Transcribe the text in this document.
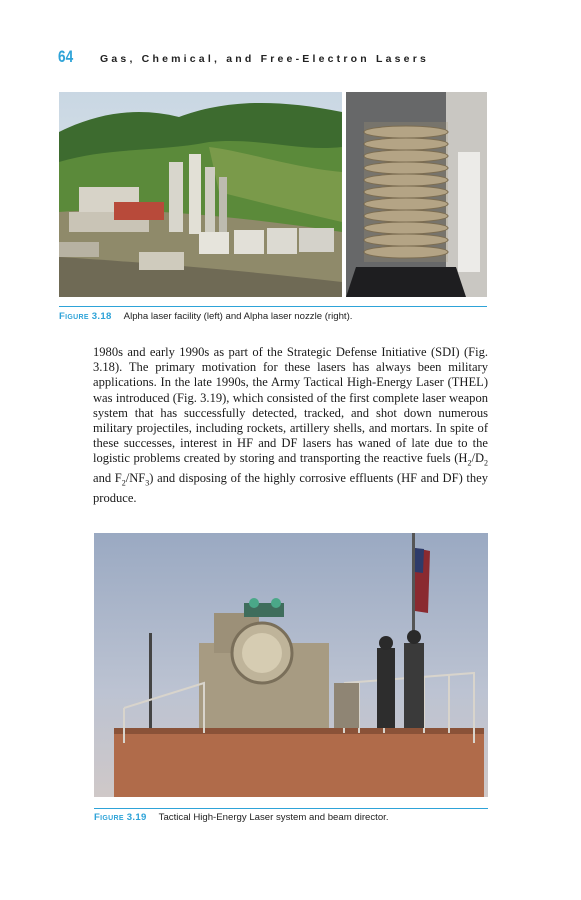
64	Gas, Chemical, and Free-Electron Lasers
Figure 3.18 Alpha laser facility (left) and Alpha laser nozzle (right).

1980s and early 1990s as part of the Strategic Defense Initiative (SDI) (Fig. 3.18). The primary motivation for these lasers has always been military applications. In the late 1990s, the Army Tactical High-Energy Laser (THEL) was introduced (Fig. 3.19), which consisted of the first complete laser weapon system that has successfully detected, tracked, and shot down numerous military projectiles, including rockets, artillery shells, and mortars. In spite of these successes, interest in HF and DF lasers has waned of late due to the logistic problems created by storing and transporting the reactive fuels ($H_2/D_2$ and $F_2/NF_3$) and disposing of the highly corrosive effluents (HF and DF) they produce.

Figure 3.19 Tactical High-Energy Laser system and beam director.
